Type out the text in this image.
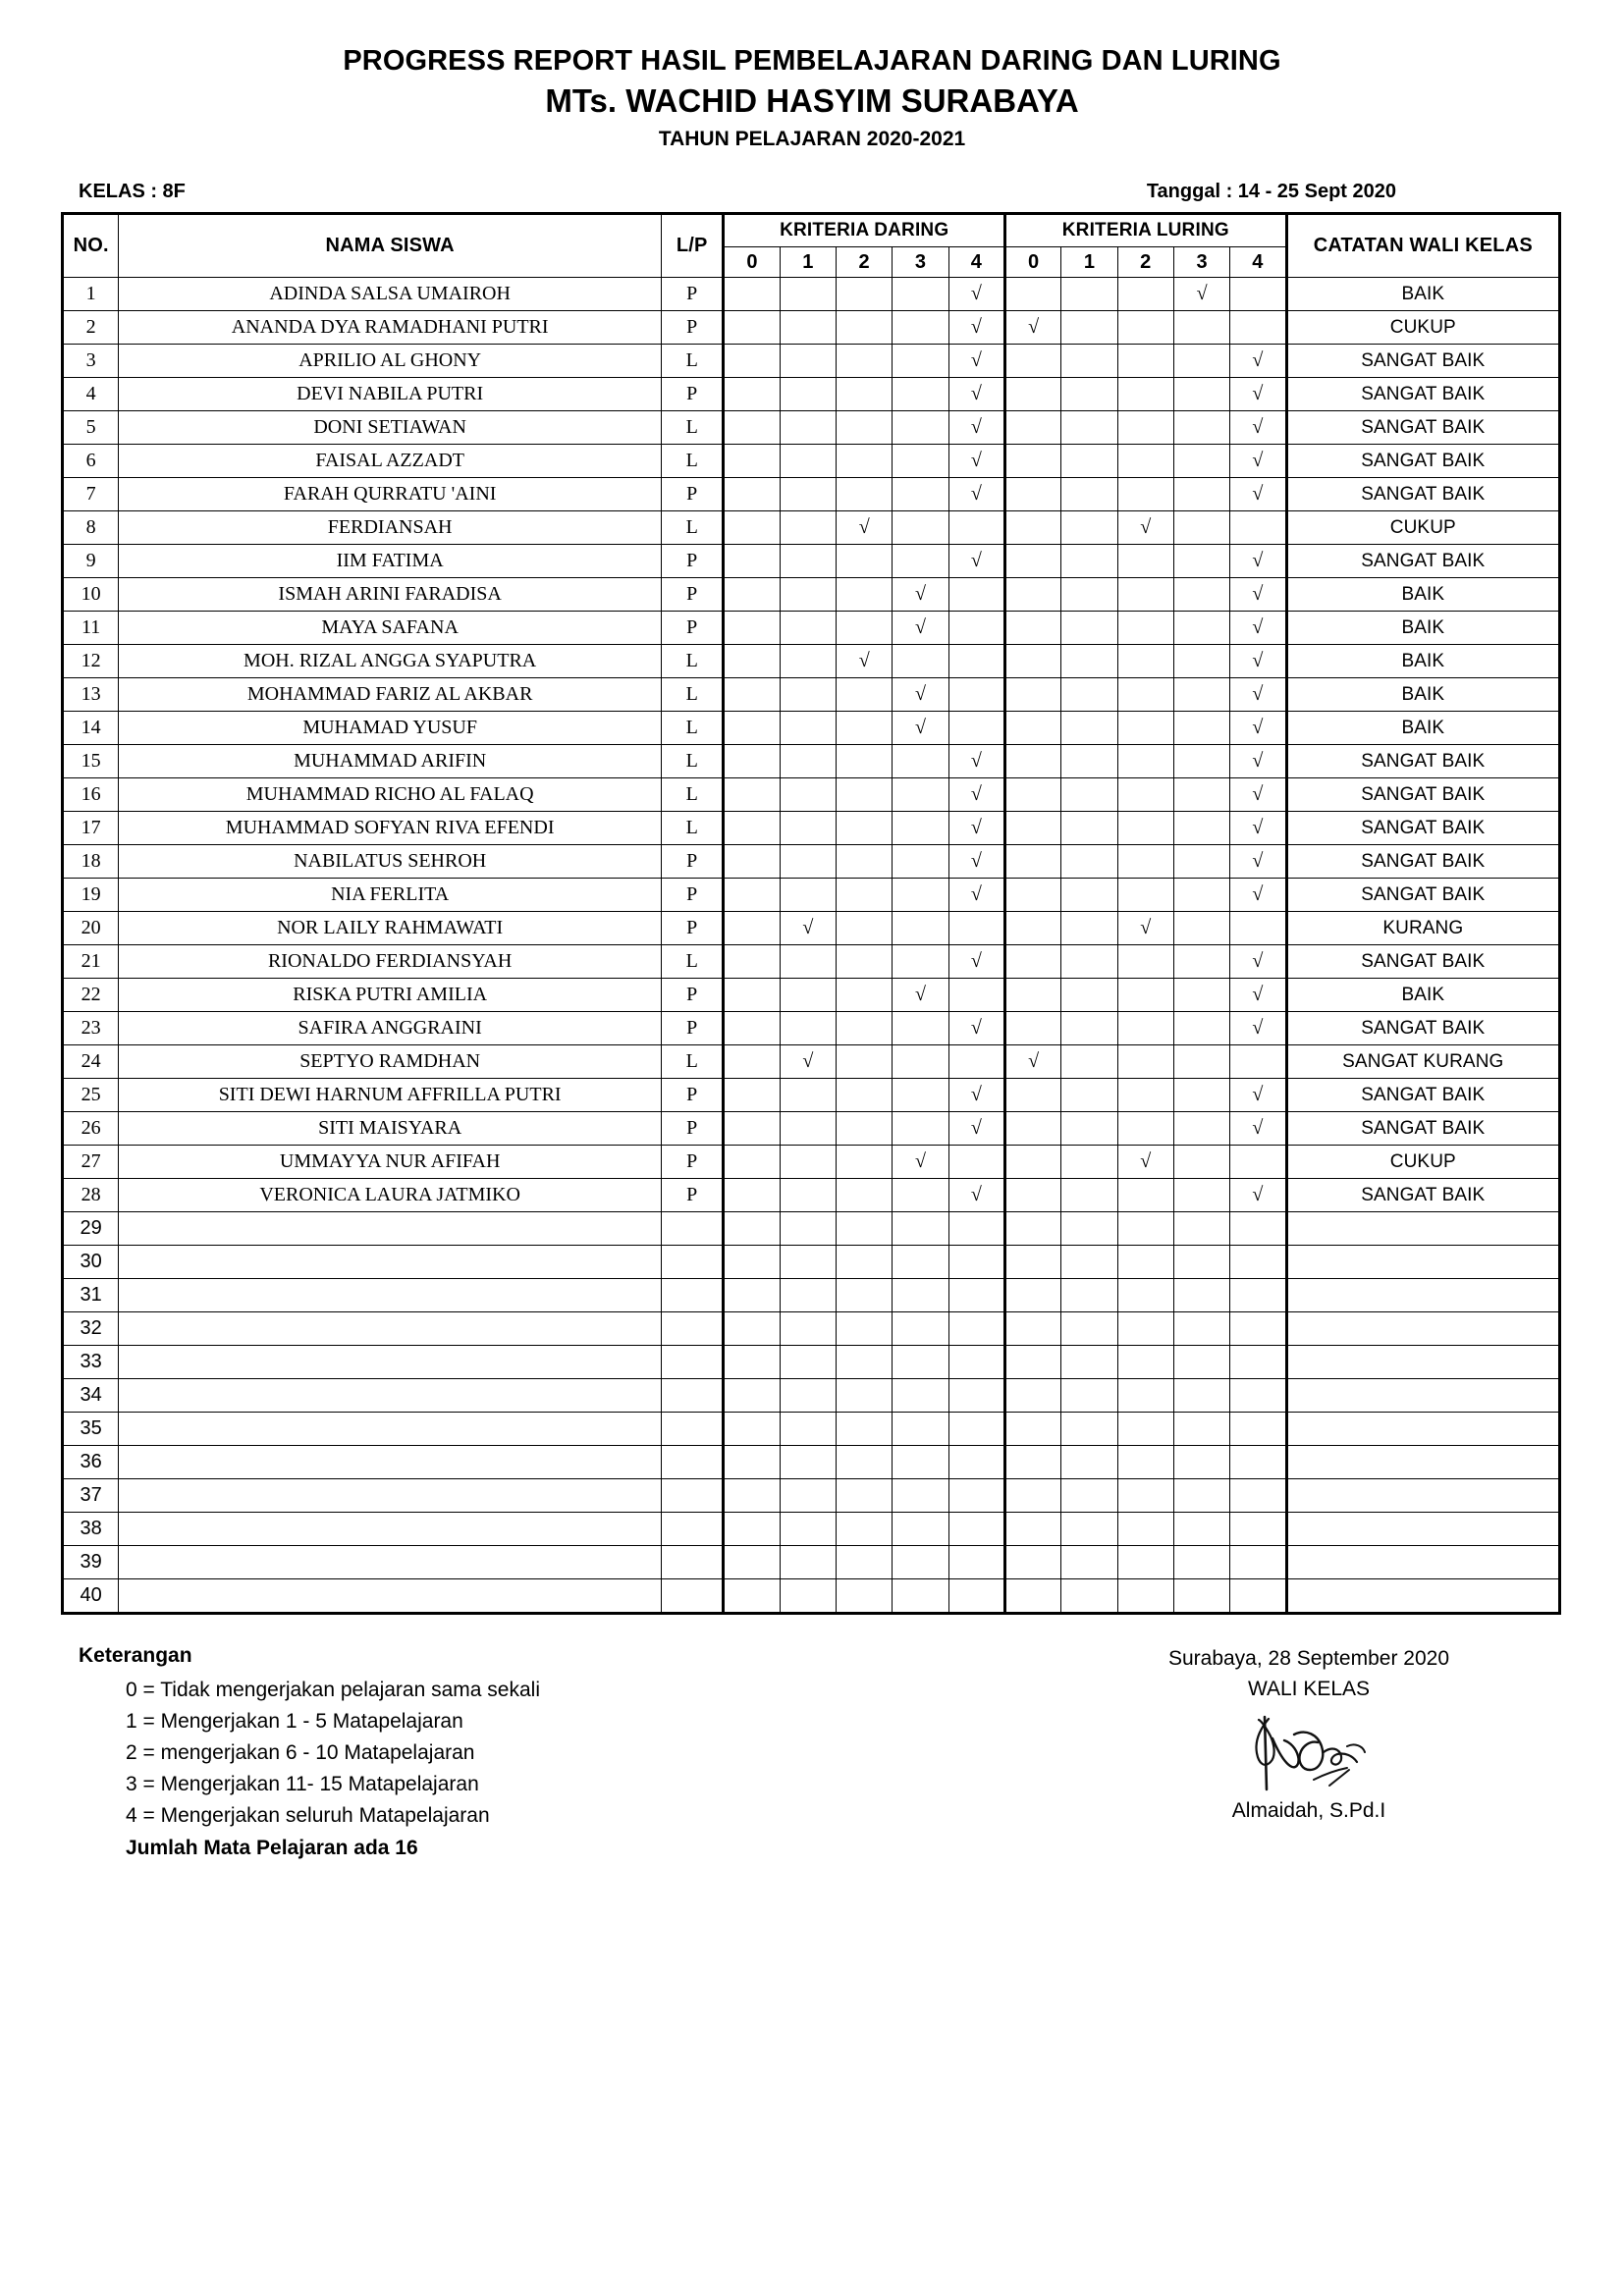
PROGRESS REPORT HASIL PEMBELAJARAN DARING DAN LURING
MTs. WACHID HASYIM SURABAYA
TAHUN PELAJARAN 2020-2021
KELAS : 8F	Tanggal : 14 - 25 Sept 2020
NO.	NAMA SISWA	L/P	KRITERIA DARING					KRITERIA LURING					CATATAN WALI KELAS
			0	1	2	3	4	0	1	2	3	4	
1	ADINDA SALSA UMAIROH	P					√				√		BAIK
2	ANANDA DYA RAMADHANI PUTRI	P					√	√					CUKUP
3	APRILIO AL GHONY	L					√					√	SANGAT BAIK
4	DEVI NABILA PUTRI	P					√					√	SANGAT BAIK
5	DONI SETIAWAN	L					√					√	SANGAT BAIK
6	FAISAL AZZADT	L					√					√	SANGAT BAIK
7	FARAH QURRATU 'AINI	P					√					√	SANGAT BAIK
8	FERDIANSAH	L			√					√			CUKUP
9	IIM FATIMA	P					√					√	SANGAT BAIK
10	ISMAH ARINI FARADISA	P				√						√	BAIK
11	MAYA SAFANA	P				√						√	BAIK
12	MOH. RIZAL ANGGA SYAPUTRA	L			√							√	BAIK
13	MOHAMMAD FARIZ AL AKBAR	L				√						√	BAIK
14	MUHAMAD YUSUF	L				√						√	BAIK
15	MUHAMMAD ARIFIN	L					√					√	SANGAT BAIK
16	MUHAMMAD RICHO AL FALAQ	L					√					√	SANGAT BAIK
17	MUHAMMAD SOFYAN RIVA EFENDI	L					√					√	SANGAT BAIK
18	NABILATUS SEHROH	P					√					√	SANGAT BAIK
19	NIA FERLITA	P					√					√	SANGAT BAIK
20	NOR LAILY RAHMAWATI	P		√						√			KURANG
21	RIONALDO FERDIANSYAH	L					√					√	SANGAT BAIK
22	RISKA PUTRI AMILIA	P				√						√	BAIK
23	SAFIRA ANGGRAINI	P					√					√	SANGAT BAIK
24	SEPTYO RAMDHAN	L		√				√					SANGAT KURANG
25	SITI DEWI HARNUM AFFRILLA PUTRI	P					√					√	SANGAT BAIK
26	SITI MAISYARA	P					√					√	SANGAT BAIK
27	UMMAYYA NUR AFIFAH	P				√				√			CUKUP
28	VERONICA LAURA JATMIKO	P					√					√	SANGAT BAIK
29													
30													
31													
32													
33													
34													
35													
36													
37													
38													
39													
40													
Keterangan
0 = Tidak mengerjakan pelajaran sama sekali
1 = Mengerjakan 1 - 5 Matapelajaran
2 = mengerjakan 6 - 10 Matapelajaran
3 = Mengerjakan 11- 15 Matapelajaran
4 = Mengerjakan seluruh Matapelajaran
Jumlah Mata Pelajaran ada 16
Surabaya, 28 September 2020
WALI KELAS
Almaidah, S.Pd.I
